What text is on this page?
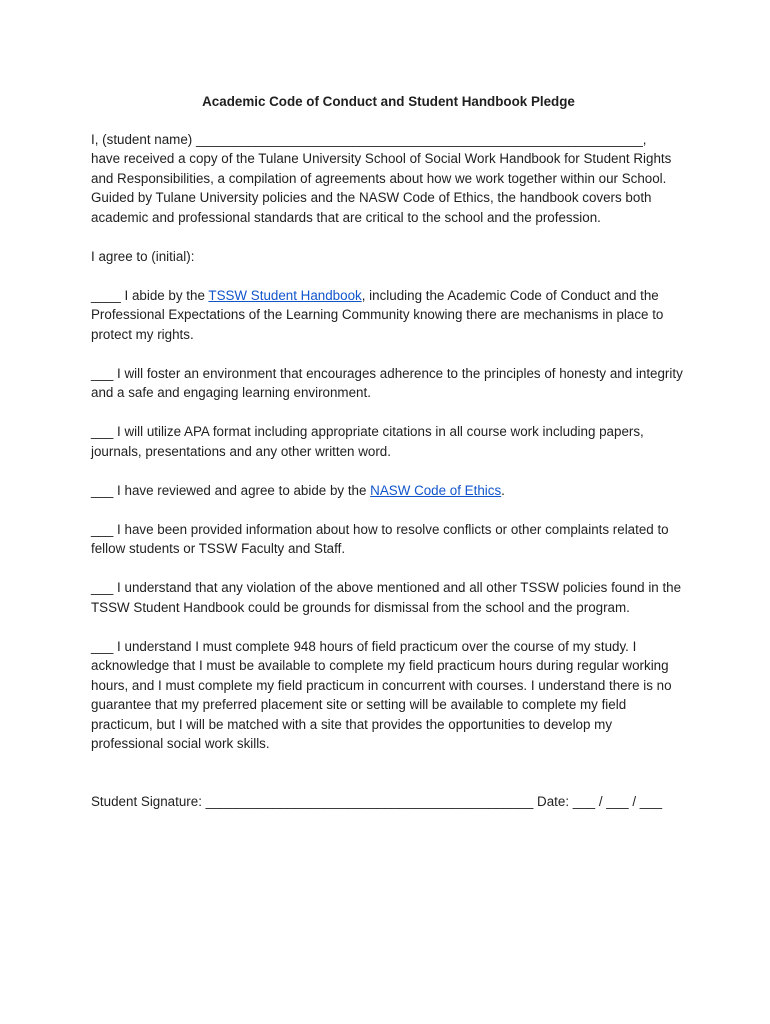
Academic Code of Conduct and Student Handbook Pledge

I, (student name) ____________________________________________________________,
have received a copy of the Tulane University School of Social Work Handbook for Student Rights and Responsibilities, a compilation of agreements about how we work together within our School. Guided by Tulane University policies and the NASW Code of Ethics, the handbook covers both academic and professional standards that are critical to the school and the profession.

I agree to (initial):

____ I abide by the TSSW Student Handbook, including the Academic Code of Conduct and the Professional Expectations of the Learning Community knowing there are mechanisms in place to protect my rights.

___ I will foster an environment that encourages adherence to the principles of honesty and integrity and a safe and engaging learning environment.

___ I will utilize APA format including appropriate citations in all course work including papers, journals, presentations and any other written word.

___ I have reviewed and agree to abide by the NASW Code of Ethics.

___ I have been provided information about how to resolve conflicts or other complaints related to fellow students or TSSW Faculty and Staff.

___ I understand that any violation of the above mentioned and all other TSSW policies found in the TSSW Student Handbook could be grounds for dismissal from the school and the program.

___ I understand I must complete 948 hours of field practicum over the course of my study. I acknowledge that I must be available to complete my field practicum hours during regular working hours, and I must complete my field practicum in concurrent with courses. I understand there is no guarantee that my preferred placement site or setting will be available to complete my field practicum, but I will be matched with a site that provides the opportunities to develop my professional social work skills.

Student Signature: ____________________________________________ Date: ___ / ___ / ___
